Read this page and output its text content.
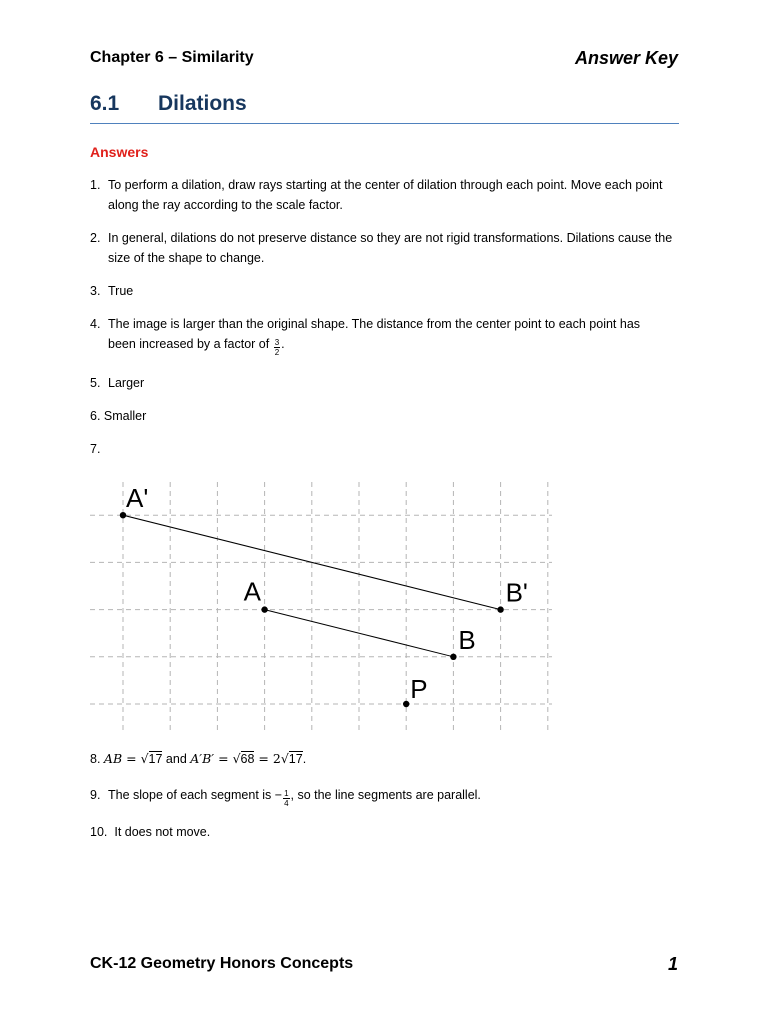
Chapter 6 – Similarity	Answer Key
6.1 Dilations
Answers
1. To perform a dilation, draw rays starting at the center of dilation through each point. Move each point along the ray according to the scale factor.
2. In general, dilations do not preserve distance so they are not rigid transformations. Dilations cause the size of the shape to change.
3. True
4. The image is larger than the original shape. The distance from the center point to each point has
been increased by a factor of $\frac{3}{2}$ .
5. Larger
6. Smaller
7.
A'
B'
A
B
P
8. AB = √17 and A′B′ = √68 = 2√17.
9. The slope of each segment is − $\frac{1}{4}$ , so the line segments are parallel.
10. It does not move.
CK-12 Geometry Honors Concepts	1
